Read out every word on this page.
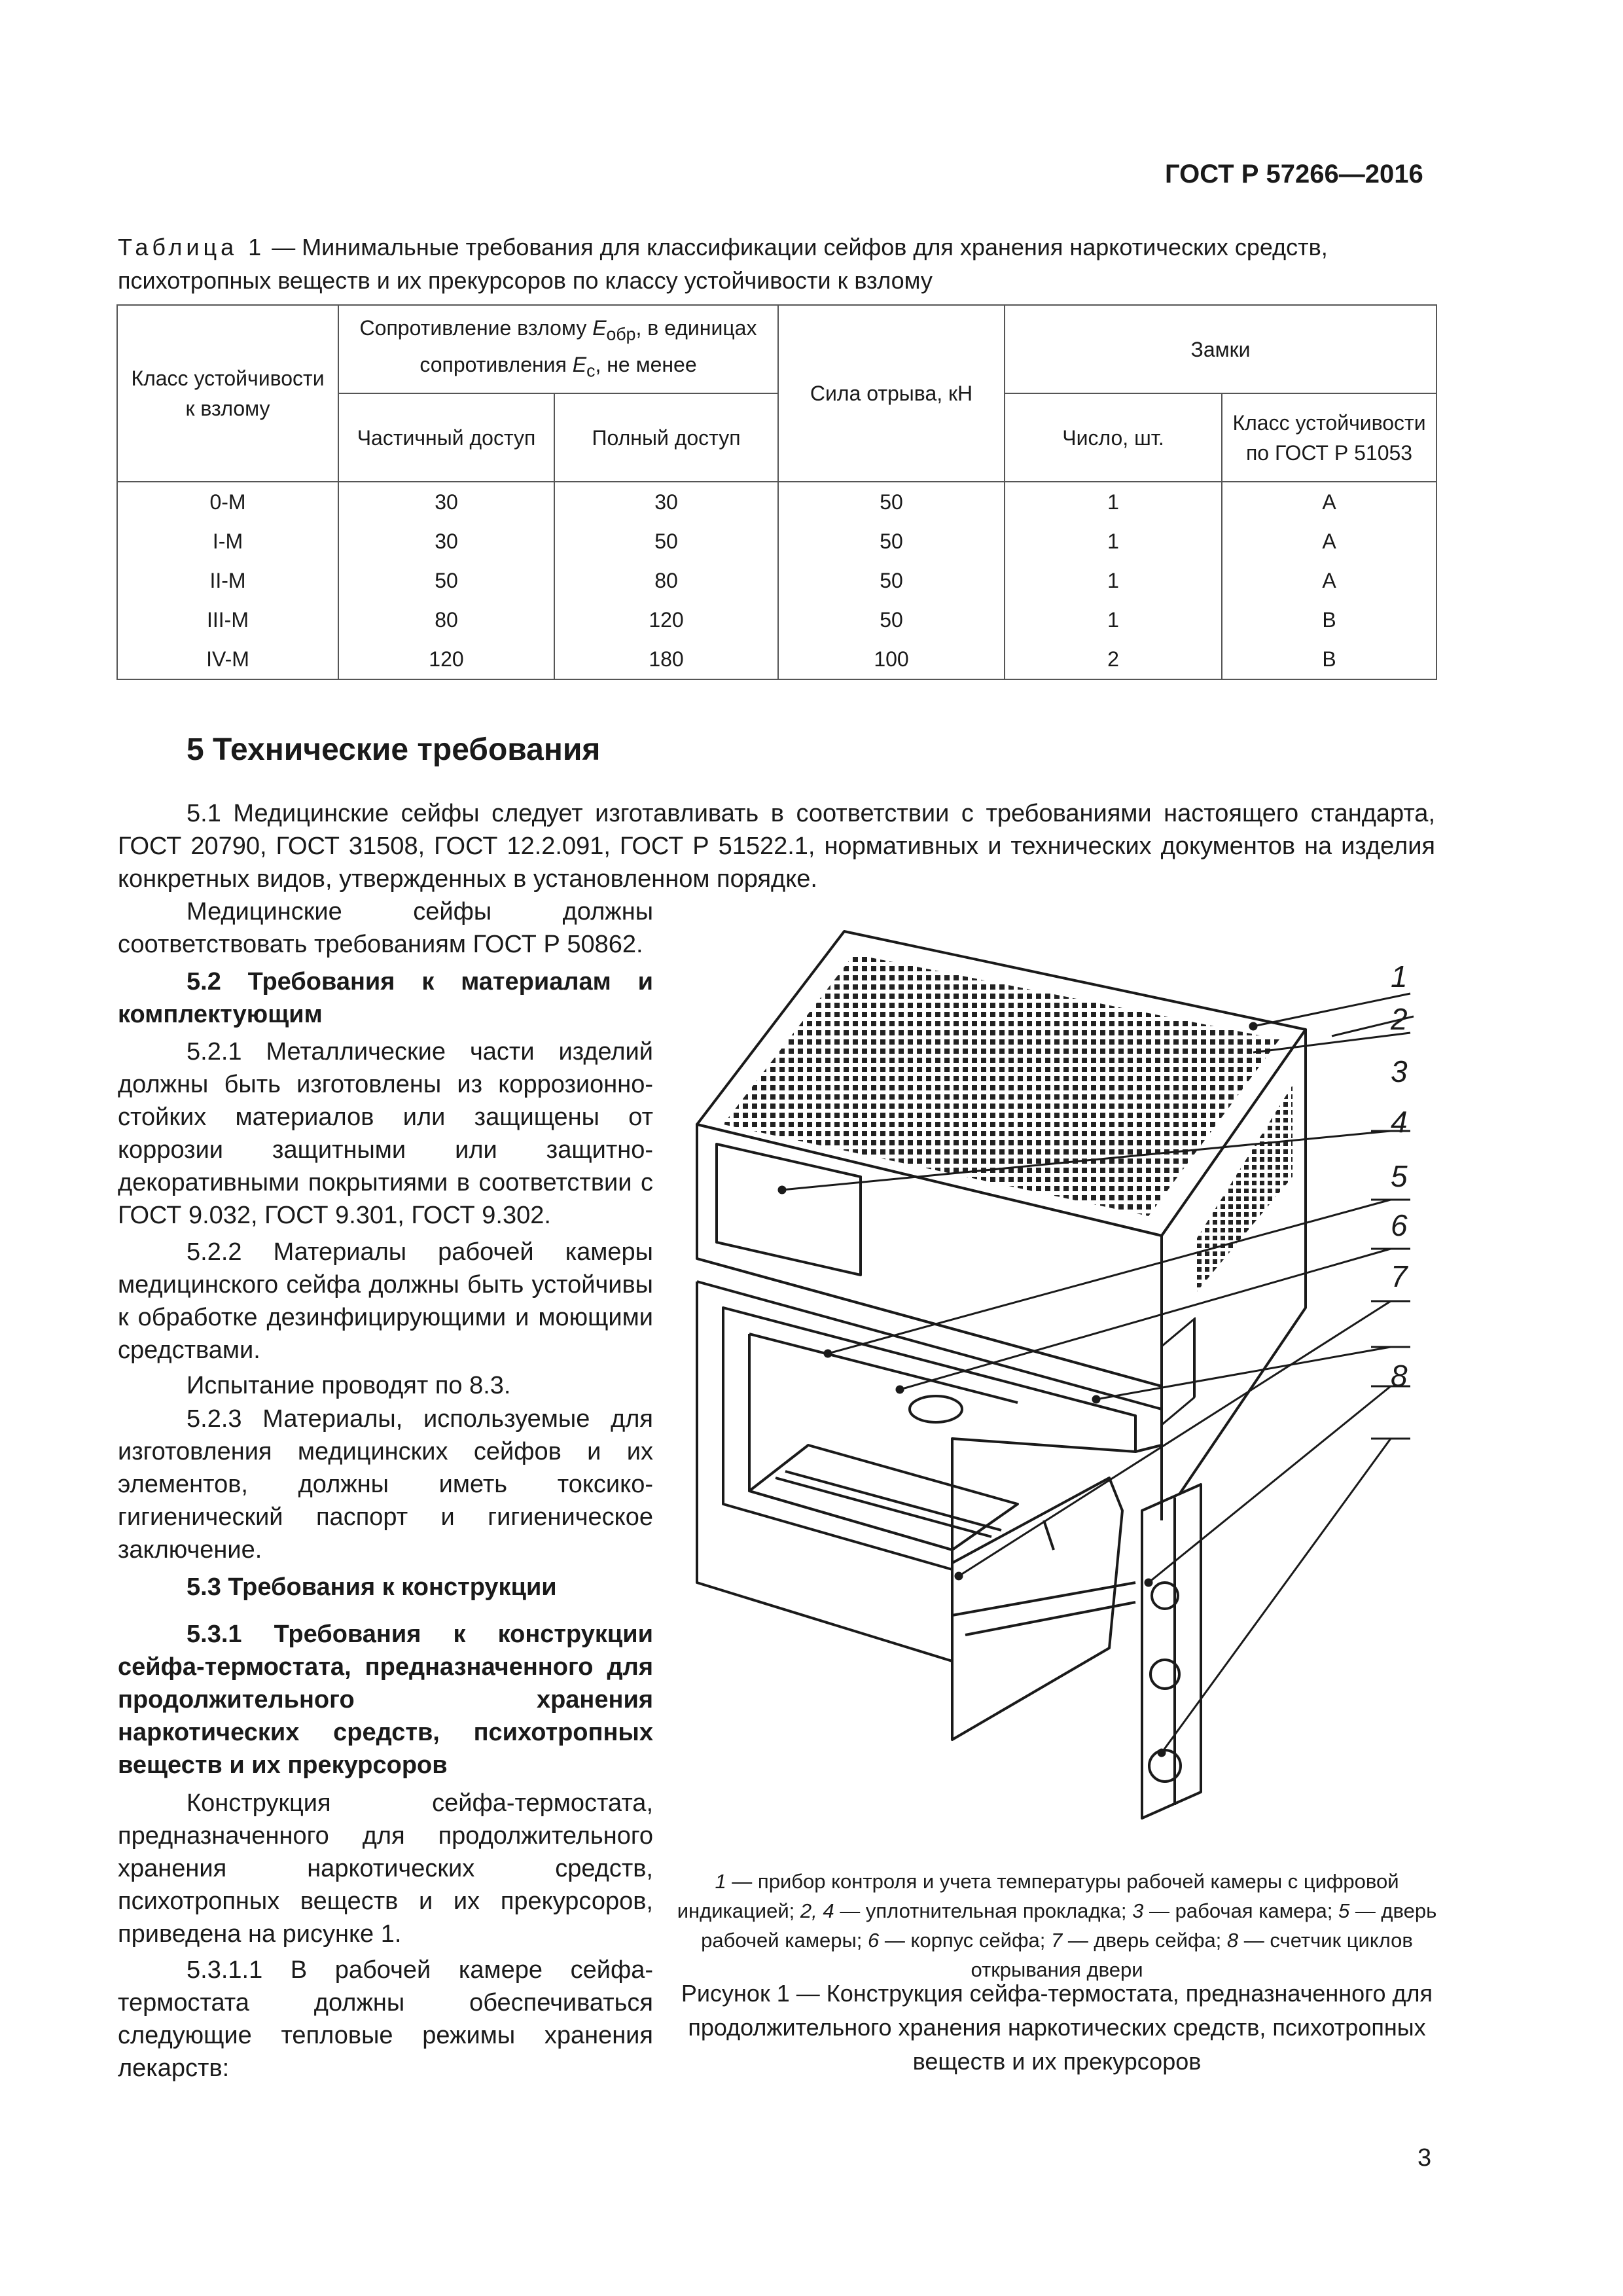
ГОСТ Р 57266—2016
Таблица 1 — Минимальные требования для классификации сейфов для хранения наркотических средств, психотропных веществ и их прекурсоров по классу устойчивости к взлому
Класс устойчивости к взлому	Сопротивление взлому $E_{обр}$, в единицах сопротивления $E_c$, не менее		Сила отрыва, кН	Замки	
	Частичный доступ	Полный доступ		Число, шт.	Класс устойчивости по ГОСТ Р 51053
0-М	30	30	50	1	А
I-М	30	50	50	1	А
II-М	50	80	50	1	А
III-М	80	120	50	1	В
IV-М	120	180	100	2	В
5 Технические требования
5.1 Медицинские сейфы следует изготавливать в соответствии с требованиями настоящего стандарта, ГОСТ 20790, ГОСТ 31508, ГОСТ 12.2.091, ГОСТ Р 51522.1, нормативных и технических документов на изделия конкретных видов, утвержденных в установленном порядке.
Медицинские сейфы должны соответствовать требованиям ГОСТ Р 50862.
5.2 Требования к материалам и комплектующим
5.2.1 Металлические части изделий должны быть изготовлены из коррозионно-стойких материалов или защищены от коррозии защитными или защитно-декоративными покрытиями в соответствии с ГОСТ 9.032, ГОСТ 9.301, ГОСТ 9.302.
5.2.2 Материалы рабочей камеры медицинского сейфа должны быть устойчивы к обработке дезинфицирующими и моющими средствами.
Испытание проводят по 8.3.
5.2.3 Материалы, используемые для изготовления медицинских сейфов и их элементов, должны иметь токсико-гигиенический паспорт и гигиеническое заключение.
5.3 Требования к конструкции
5.3.1 Требования к конструкции сейфа-термостата, предназначенного для продолжительного хранения наркотических средств, психотропных веществ и их прекурсоров
Конструкция сейфа-термостата, предназначенного для продолжительного хранения наркотических средств, психотропных веществ и их прекурсоров, приведена на рисунке 1.
5.3.1.1 В рабочей камере сейфа-термостата должны обеспечиваться следующие тепловые режимы хранения лекарств:
1
2
3
4
5
6
7
8
1 — прибор контроля и учета температуры рабочей камеры с цифровой индикацией; 2, 4 — уплотнительная прокладка; 3 — рабочая камера; 5 — дверь рабочей камеры; 6 — корпус сейфа; 7 — дверь сейфа; 8 — счетчик циклов открывания двери
Рисунок 1 — Конструкция сейфа-термостата, предназначенного для продолжительного хранения наркотических средств, психотропных веществ и их прекурсоров
3
